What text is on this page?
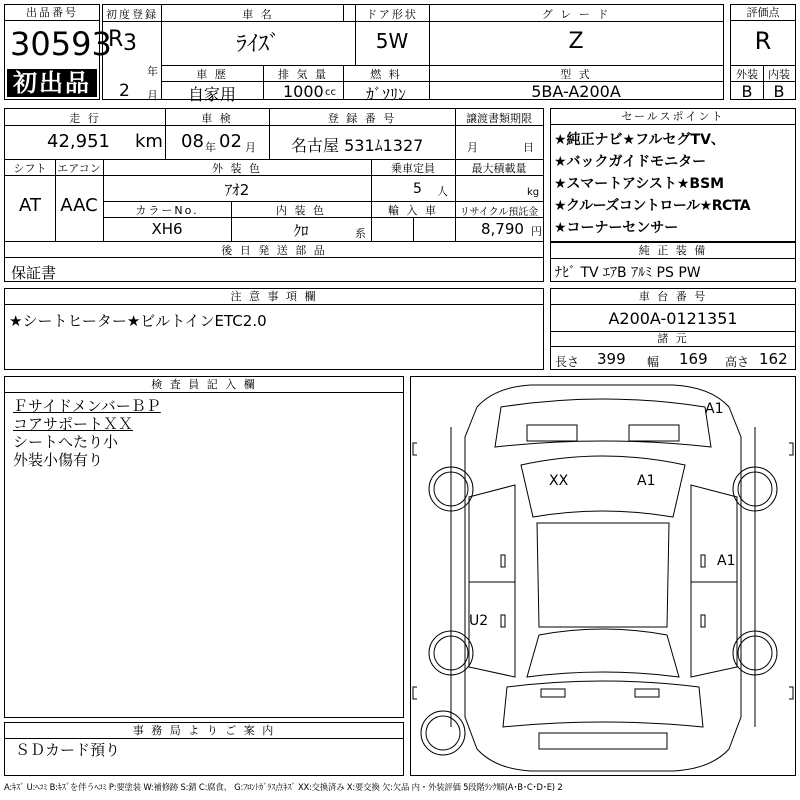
出品番号
30593
初出品
初度登録
R 3
年
2 月
車 名
ﾗｲｽﾞ
ドア形状
5W
グ レ ー ド
Z
車 歴
自家用
排 気 量
1000 cc
燃 料
ｶﾞｿﾘﾝ
型 式
5BA-A200A
評価点
R
外装 内装
B	B
走 行
42,951 km
車 検
08 年 02 月
登 録 番 号
名古屋 531ﾑ1327
譲渡書類期限
月	日
シフト
AT
エアコン
AAC
外 装 色
ｱｵ2
乗車定員
5 人
最大積載量
kg
カラーNo.
XH6
内 装 色
ｸﾛ	系
輸 入 車	リサイクル預託金
8,790 円
後 日 発 送 部 品
保証書
セールスポイント
★純正ナビ★フルセグTV、
★バックガイドモニター
★スマートアシスト★BSM
★クルーズコントロール★RCTA
★コーナーセンサー
純 正 装 備
ﾅﾋﾞ TV ｴｱB ｱﾙﾐ PS PW
注 意 事 項 欄
★シートヒーター★ビルトインETC2.0
車 台 番 号
A200A-0121351
諸 元
長さ 399 幅 169 高さ 162
検 査 員 記 入 欄
ＦサイドメンバーＢＰ
コアサポートＸＸ
シートへたり小
外装小傷有り
事 務 局 よ り ご 案 内
ＳＤカード預り
A1
XX	A1
A1
U2
A:ｷｽﾞ U:ﾍｺﾐ B:ｷｽﾞを伴うﾍｺﾐ P:要塗装 W:補修跡 S:錆 C:腐食、 G:ﾌﾛﾝﾄｶﾞﾗｽ点ｷｽﾞ XX:交換済み X:要交換 欠:欠品 内・外装評価 5段階ﾗﾝｸ順(A･B･C･D･E) 2
